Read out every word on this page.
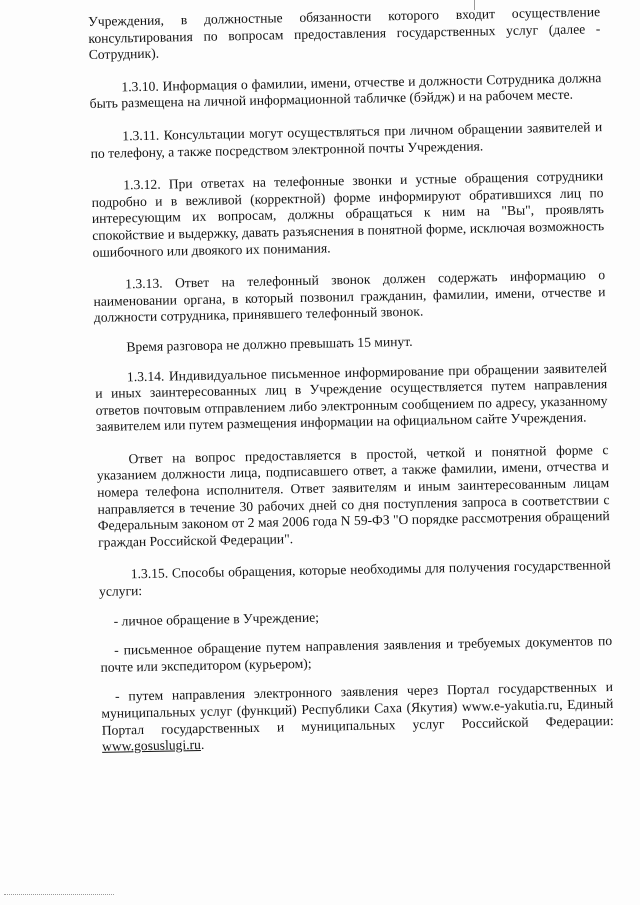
Учреждения, в должностные обязанности которого входит осуществление консультирования по вопросам предоставления государственных услуг (далее - Сотрудник).

1.3.10. Информация о фамилии, имени, отчестве и должности Сотрудника должна быть размещена на личной информационной табличке (бэйдж) и на рабочем месте.

1.3.11. Консультации могут осуществляться при личном обращении заявителей и по телефону, а также посредством электронной почты Учреждения.

1.3.12. При ответах на телефонные звонки и устные обращения сотрудники подробно и в вежливой (корректной) форме информируют обратившихся лиц по интересующим их вопросам, должны обращаться к ним на "Вы", проявлять спокойствие и выдержку, давать разъяснения в понятной форме, исключая возможность ошибочного или двоякого их понимания.

1.3.13. Ответ на телефонный звонок должен содержать информацию о наименовании органа, в который позвонил гражданин, фамилии, имени, отчестве и должности сотрудника, принявшего телефонный звонок.

Время разговора не должно превышать 15 минут.

1.3.14. Индивидуальное письменное информирование при обращении заявителей и иных заинтересованных лиц в Учреждение осуществляется путем направления ответов почтовым отправлением либо электронным сообщением по адресу, указанному заявителем или путем размещения информации на официальном сайте Учреждения.

Ответ на вопрос предоставляется в простой, четкой и понятной форме с указанием должности лица, подписавшего ответ, а также фамилии, имени, отчества и номера телефона исполнителя. Ответ заявителям и иным заинтересованным лицам направляется в течение 30 рабочих дней со дня поступления запроса в соответствии с Федеральным законом от 2 мая 2006 года N 59-ФЗ "О порядке рассмотрения обращений граждан Российской Федерации".

1.3.15. Способы обращения, которые необходимы для получения государственной услуги:

- личное обращение в Учреждение;

- письменное обращение путем направления заявления и требуемых документов по почте или экспедитором (курьером);

- путем направления электронного заявления через Портал государственных и муниципальных услуг (функций) Республики Саха (Якутия) www.e-yakutia.ru, Единый Портал государственных и муниципальных услуг Российской Федерации: www.gosuslugi.ru.
